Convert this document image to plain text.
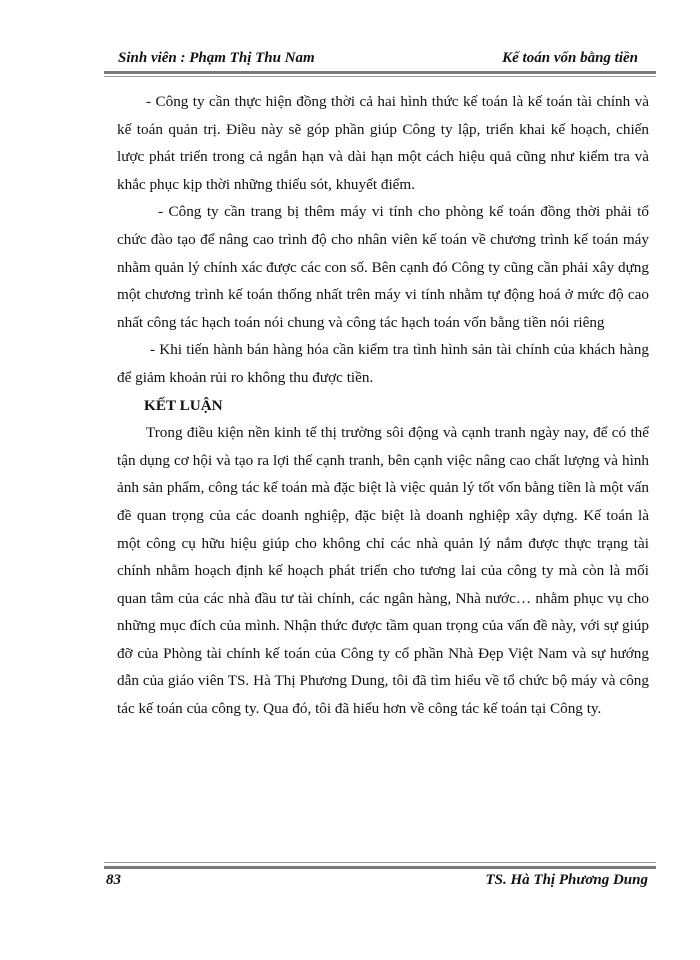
Sinh viên : Phạm Thị Thu Nam	Kế toán vốn bằng tiền

- Công ty cần thực hiện đồng thời cả hai hình thức kế toán là kế toán tài chính và kế toán quản trị. Điều này sẽ góp phần giúp Công ty lập, triển khai kế hoạch, chiến lược phát triển trong cả ngắn hạn và dài hạn một cách hiệu quả cũng như kiểm tra và khắc phục kịp thời những thiếu sót, khuyết điểm.

- Công ty cần trang bị thêm máy vi tính cho phòng kế toán đồng thời phải tổ chức đào tạo để nâng cao trình độ cho nhân viên kế toán về chương trình kế toán máy nhằm quản lý chính xác được các con số. Bên cạnh đó Công ty cũng cần phải xây dựng một chương trình kế toán thống nhất trên máy vi tính nhằm tự động hoá ở mức độ cao nhất công tác hạch toán nói chung và công tác hạch toán vốn bằng tiền nói riêng

- Khi tiến hành bán hàng hóa cần kiểm tra tình hình sản tài chính của khách hàng để giảm khoản rủi ro không thu được tiền.

KẾT LUẬN

Trong điều kiện nền kinh tế thị trường sôi động và cạnh tranh ngày nay, để có thể tận dụng cơ hội và tạo ra lợi thế cạnh tranh, bên cạnh việc nâng cao chất lượng và hình ảnh sản phẩm, công tác kế toán mà đặc biệt là việc quản lý tốt vốn bằng tiền là một vấn đề quan trọng của các doanh nghiệp, đặc biệt là doanh nghiệp xây dựng. Kế toán là một công cụ hữu hiệu giúp cho không chỉ các nhà quản lý nắm được thực trạng tài chính nhằm hoạch định kế hoạch phát triển cho tương lai của công ty mà còn là mối quan tâm của các nhà đầu tư tài chính, các ngân hàng, Nhà nước… nhằm phục vụ cho những mục đích của mình. Nhận thức được tầm quan trọng của vấn đề này, với sự giúp đỡ của Phòng tài chính kế toán của Công ty cổ phần Nhà Đẹp Việt Nam và sự hướng dẫn của giáo viên TS. Hà Thị Phương Dung, tôi đã tìm hiểu về tổ chức bộ máy và công tác kế toán của công ty. Qua đó, tôi đã hiểu hơn về công tác kế toán tại Công ty.

83	TS. Hà Thị Phương Dung
